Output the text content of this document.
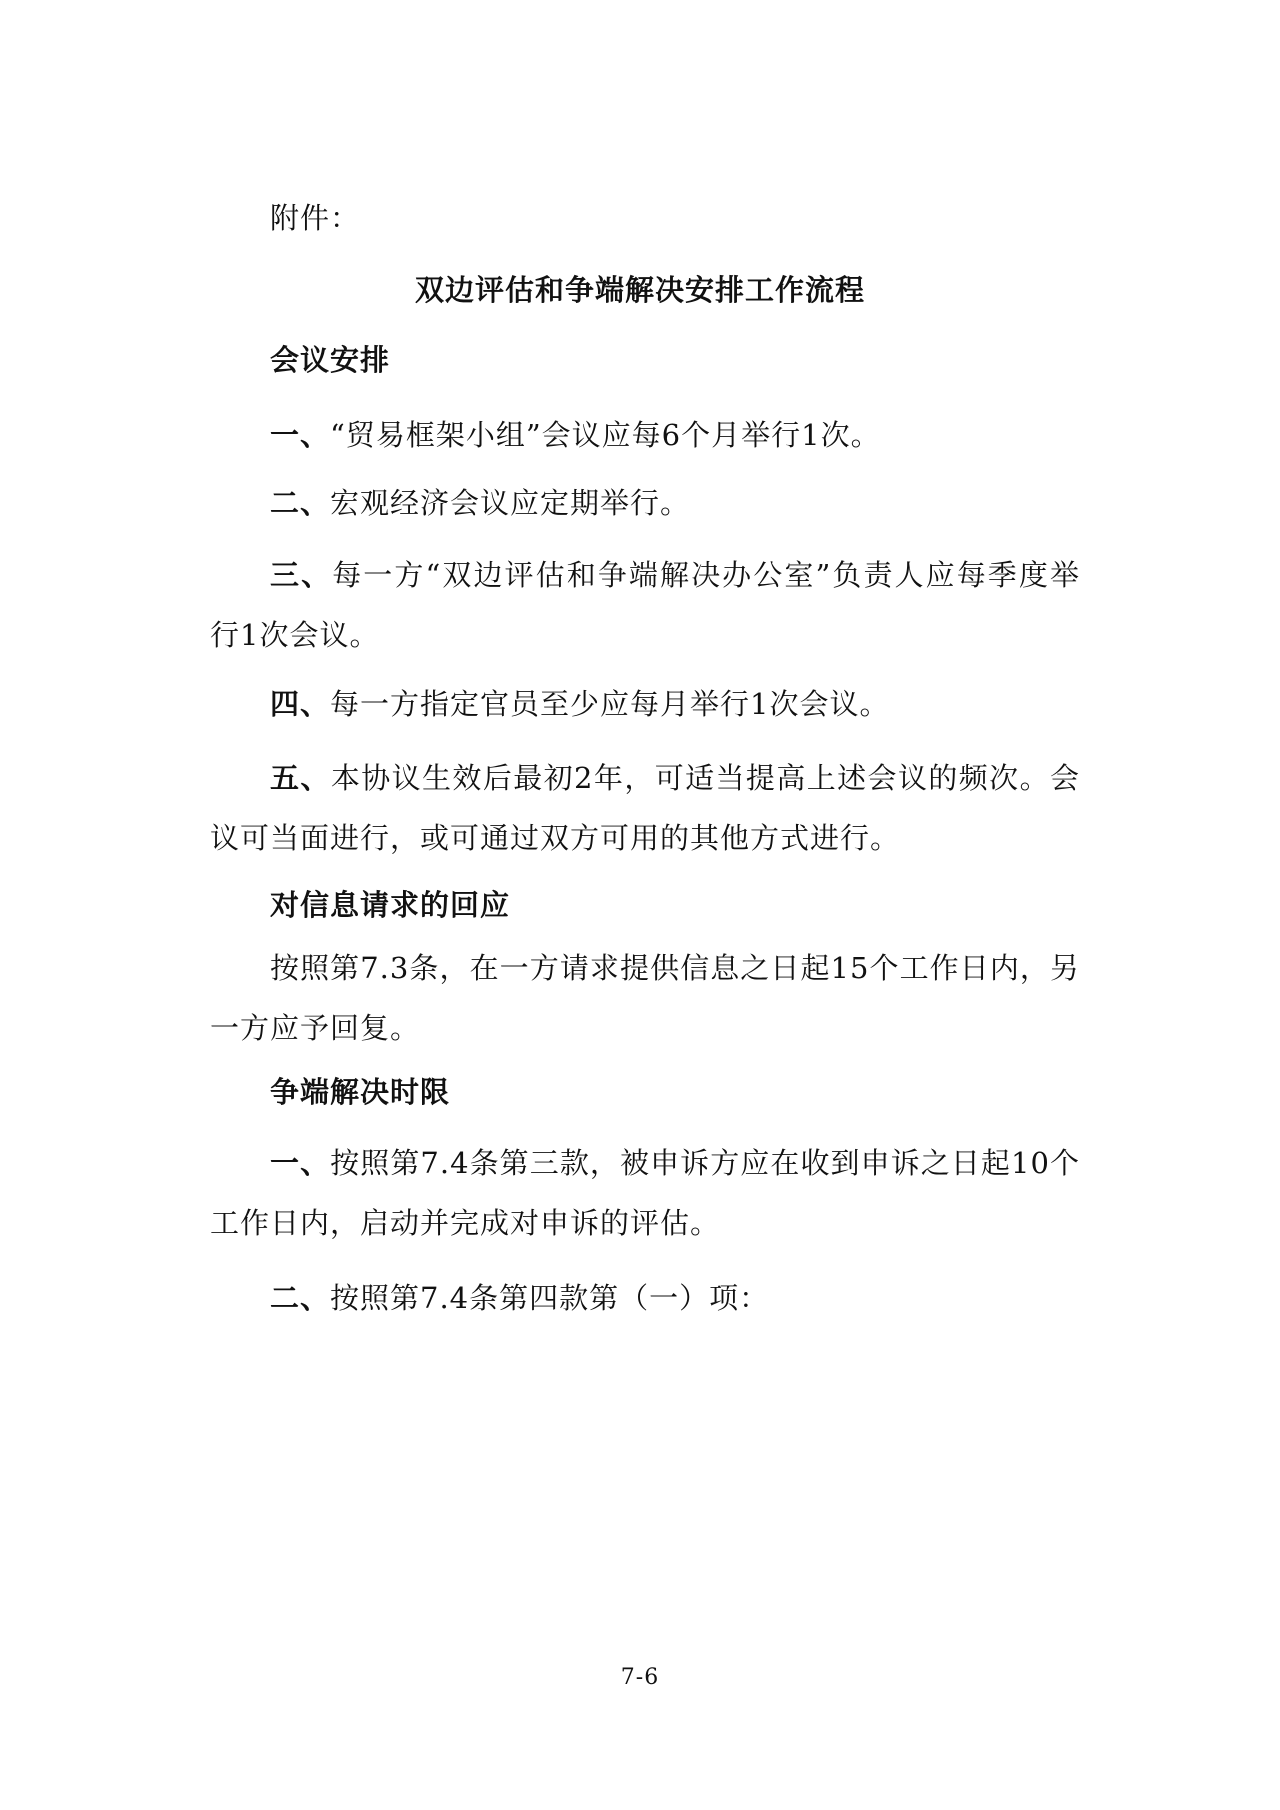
附件：
双边评估和争端解决安排工作流程
会议安排
一、“贸易框架小组”会议应每6个月举行1次。
二、宏观经济会议应定期举行。
三、每一方“双边评估和争端解决办公室”负责人应每季度举行1次会议。
四、每一方指定官员至少应每月举行1次会议。
五、本协议生效后最初2年，可适当提高上述会议的频次。会议可当面进行，或可通过双方可用的其他方式进行。
对信息请求的回应
按照第7.3条，在一方请求提供信息之日起15个工作日内，另一方应予回复。
争端解决时限
一、按照第7.4条第三款，被申诉方应在收到申诉之日起10个工作日内，启动并完成对申诉的评估。
二、按照第7.4条第四款第（一）项：
7-6
